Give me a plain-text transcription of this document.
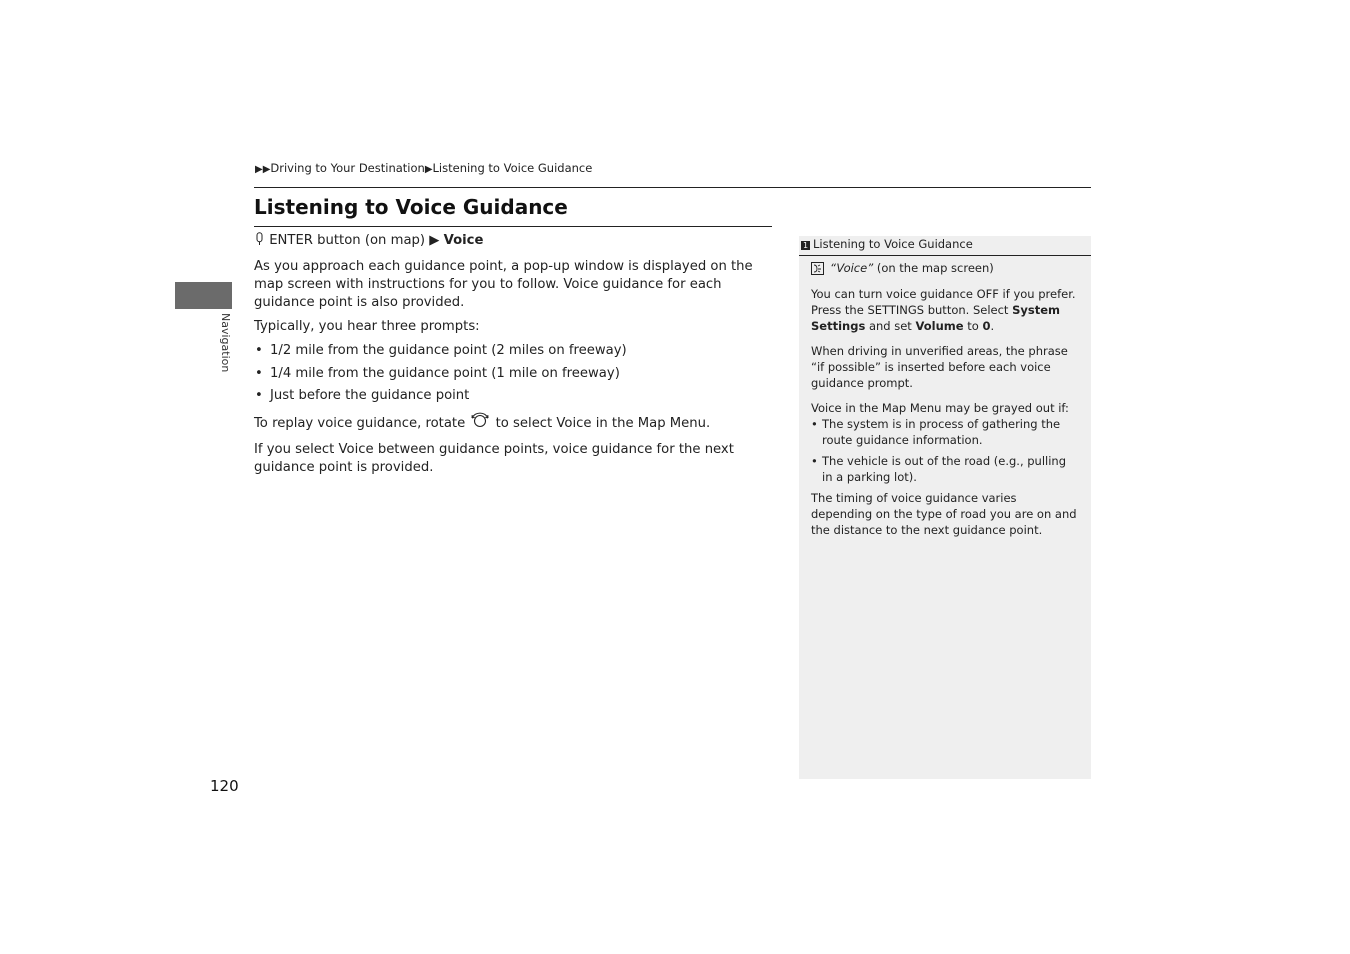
▶▶Driving to Your Destination▶Listening to Voice Guidance
Listening to Voice Guidance
Navigation
ENTER button (on map) ▶ Voice

As you approach each guidance point, a pop-up window is displayed on the map screen with instructions for you to follow. Voice guidance for each guidance point is also provided.

Typically, you hear three prompts:

• 1/2 mile from the guidance point (2 miles on freeway)
• 1/4 mile from the guidance point (1 mile on freeway)
• Just before the guidance point

To replay voice guidance, rotate  to select Voice in the Map Menu.

If you select Voice between guidance points, voice guidance for the next guidance point is provided.

1 Listening to Voice Guidance

“Voice” (on the map screen)

You can turn voice guidance OFF if you prefer. Press the SETTINGS button. Select System Settings and set Volume to 0.

When driving in unverified areas, the phrase “if possible” is inserted before each voice guidance prompt.

Voice in the Map Menu may be grayed out if:

• The system is in process of gathering the route guidance information.
• The vehicle is out of the road (e.g., pulling in a parking lot).

The timing of voice guidance varies depending on the type of road you are on and the distance to the next guidance point.

120
